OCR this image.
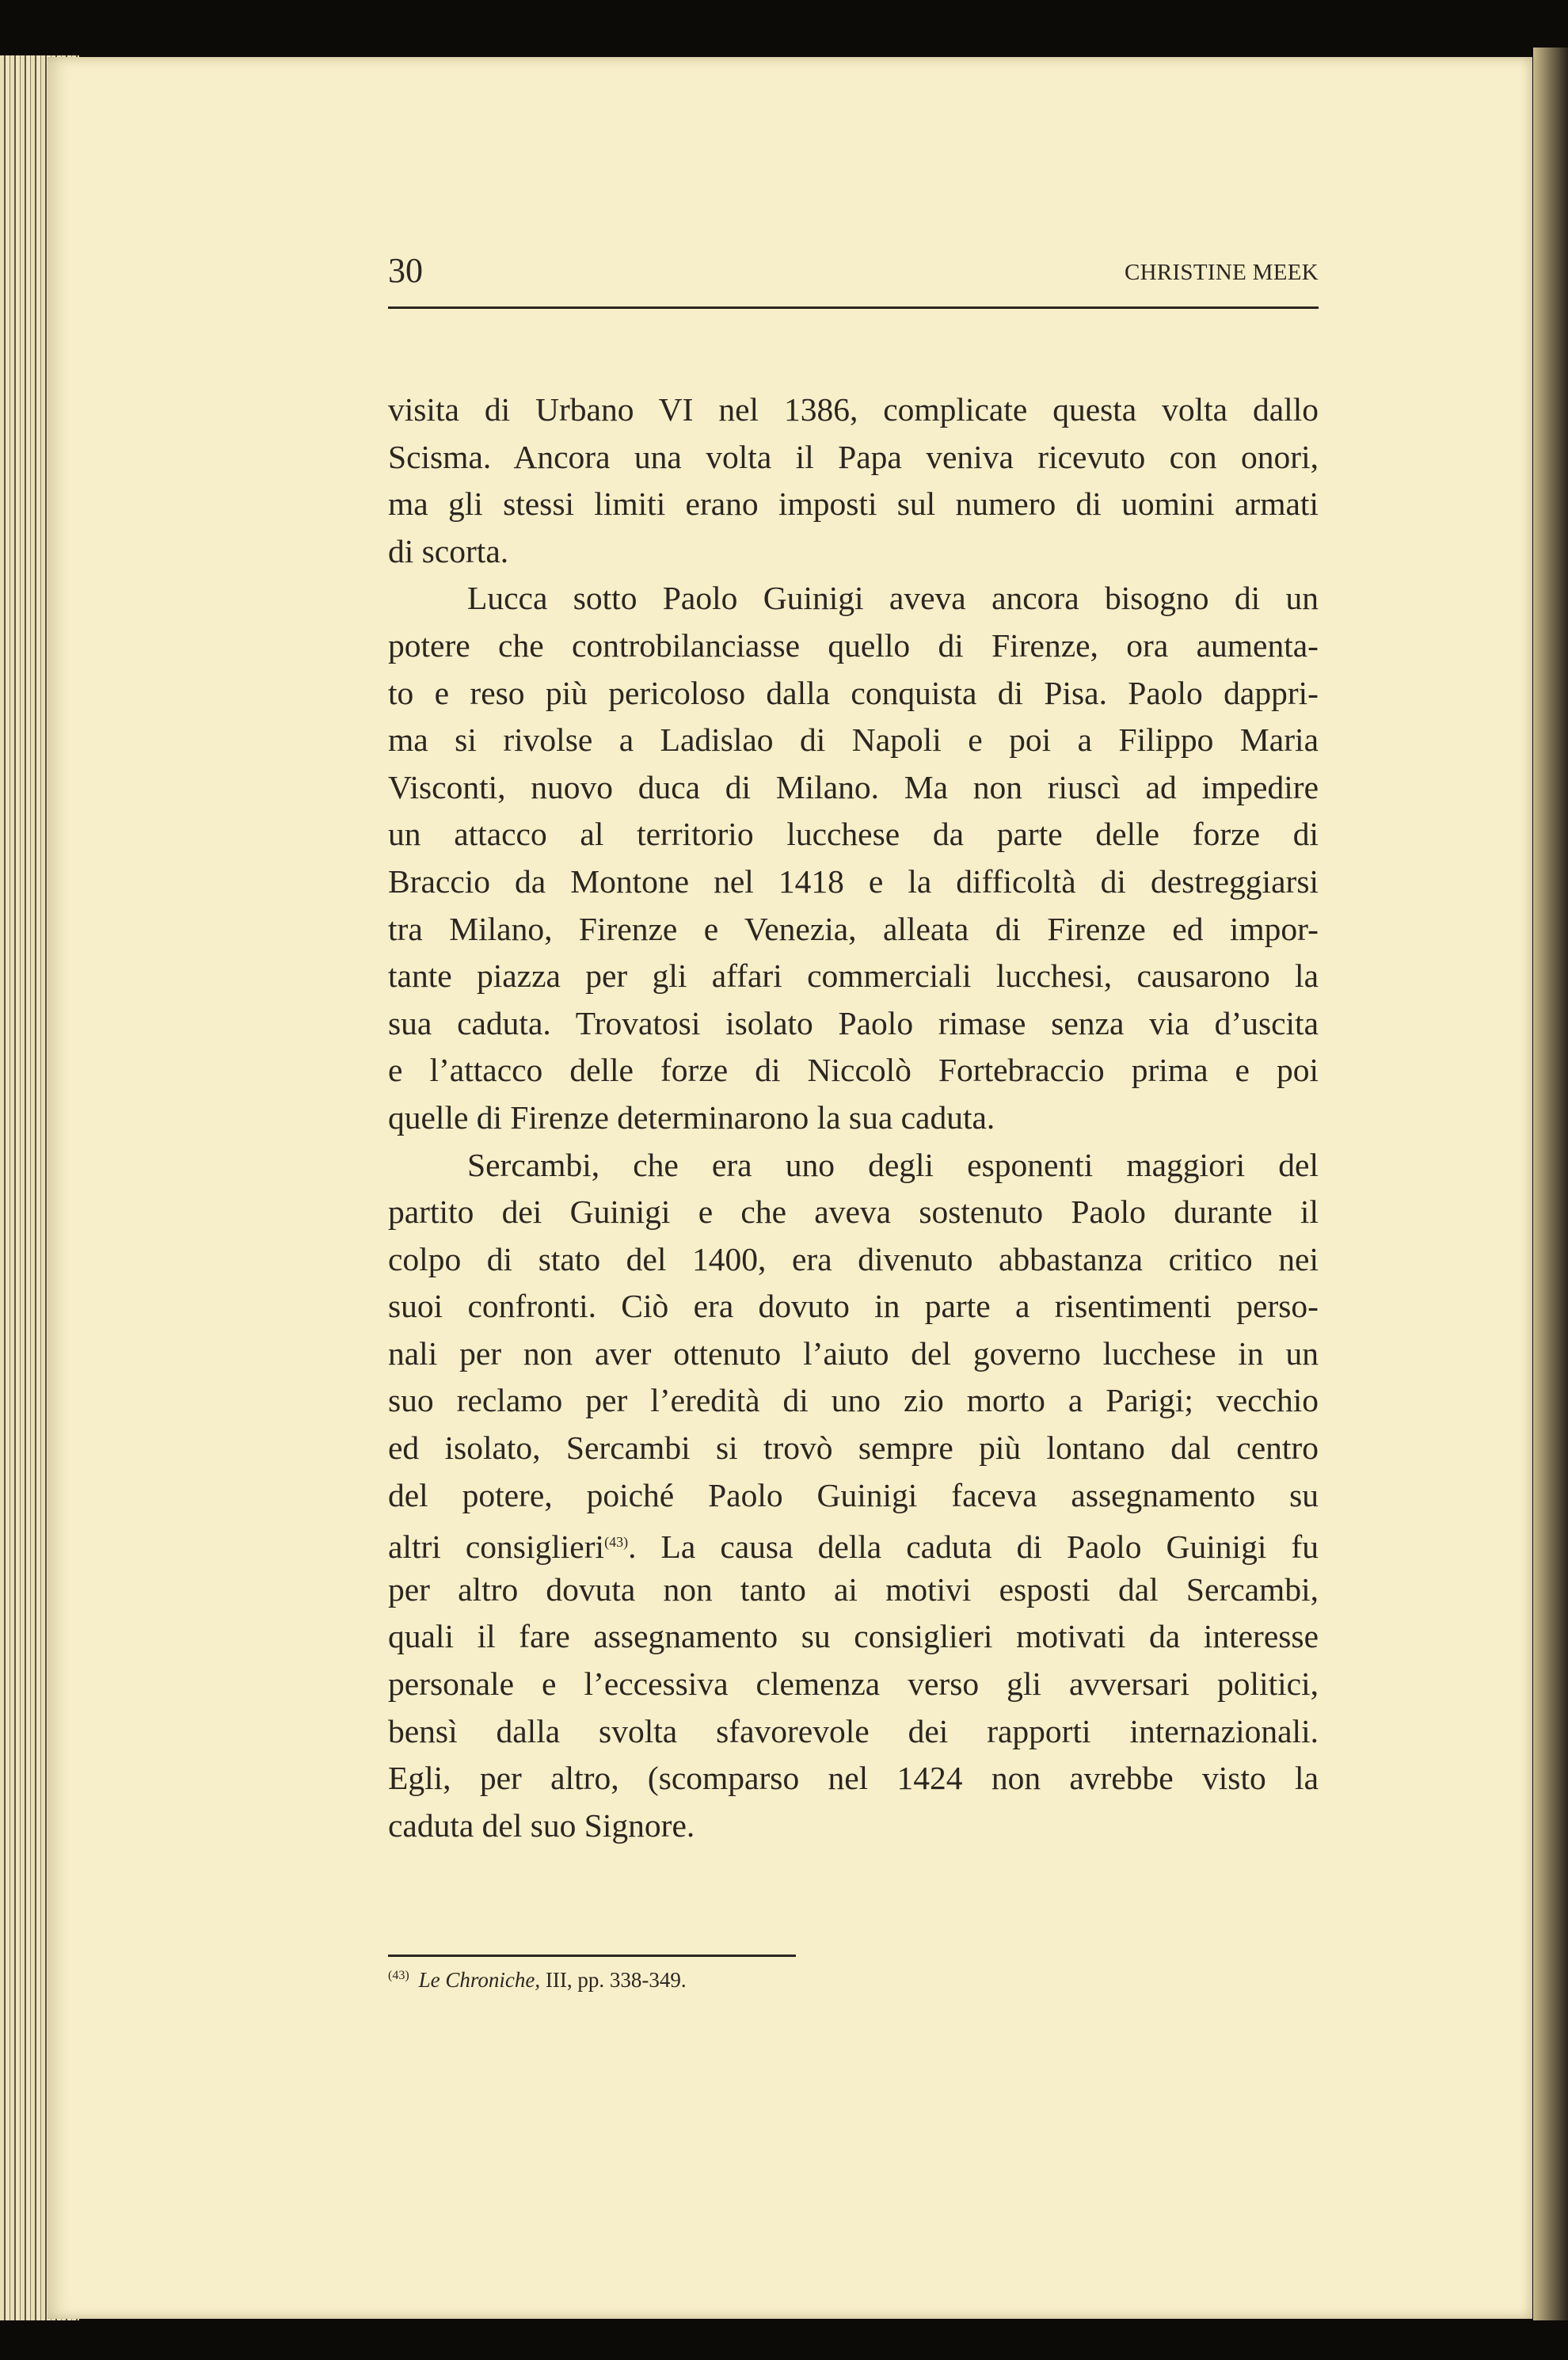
30	CHRISTINE MEEK
visita di Urbano VI nel 1386, complicate questa volta dallo
Scisma. Ancora una volta il Papa veniva ricevuto con onori,
ma gli stessi limiti erano imposti sul numero di uomini armati
di scorta.
Lucca sotto Paolo Guinigi aveva ancora bisogno di un
potere che controbilanciasse quello di Firenze, ora aumenta-
to e reso più pericoloso dalla conquista di Pisa. Paolo dappri-
ma si rivolse a Ladislao di Napoli e poi a Filippo Maria
Visconti, nuovo duca di Milano. Ma non riuscì ad impedire
un attacco al territorio lucchese da parte delle forze di
Braccio da Montone nel 1418 e la difficoltà di destreggiarsi
tra Milano, Firenze e Venezia, alleata di Firenze ed impor-
tante piazza per gli affari commerciali lucchesi, causarono la
sua caduta. Trovatosi isolato Paolo rimase senza via d’uscita
e l’attacco delle forze di Niccolò Fortebraccio prima e poi
quelle di Firenze determinarono la sua caduta.
Sercambi, che era uno degli esponenti maggiori del
partito dei Guinigi e che aveva sostenuto Paolo durante il
colpo di stato del 1400, era divenuto abbastanza critico nei
suoi confronti. Ciò era dovuto in parte a risentimenti perso-
nali per non aver ottenuto l’aiuto del governo lucchese in un
suo reclamo per l’eredità di uno zio morto a Parigi; vecchio
ed isolato, Sercambi si trovò sempre più lontano dal centro
del potere, poiché Paolo Guinigi faceva assegnamento su
altri consiglieri$^{(43)}$. La causa della caduta di Paolo Guinigi fu
per altro dovuta non tanto ai motivi esposti dal Sercambi,
quali il fare assegnamento su consiglieri motivati da interesse
personale e l’eccessiva clemenza verso gli avversari politici,
bensì dalla svolta sfavorevole dei rapporti internazionali.
Egli, per altro, (scomparso nel 1424 non avrebbe visto la
caduta del suo Signore.
$^{(43)}$ Le Chroniche, III, pp. 338-349.
